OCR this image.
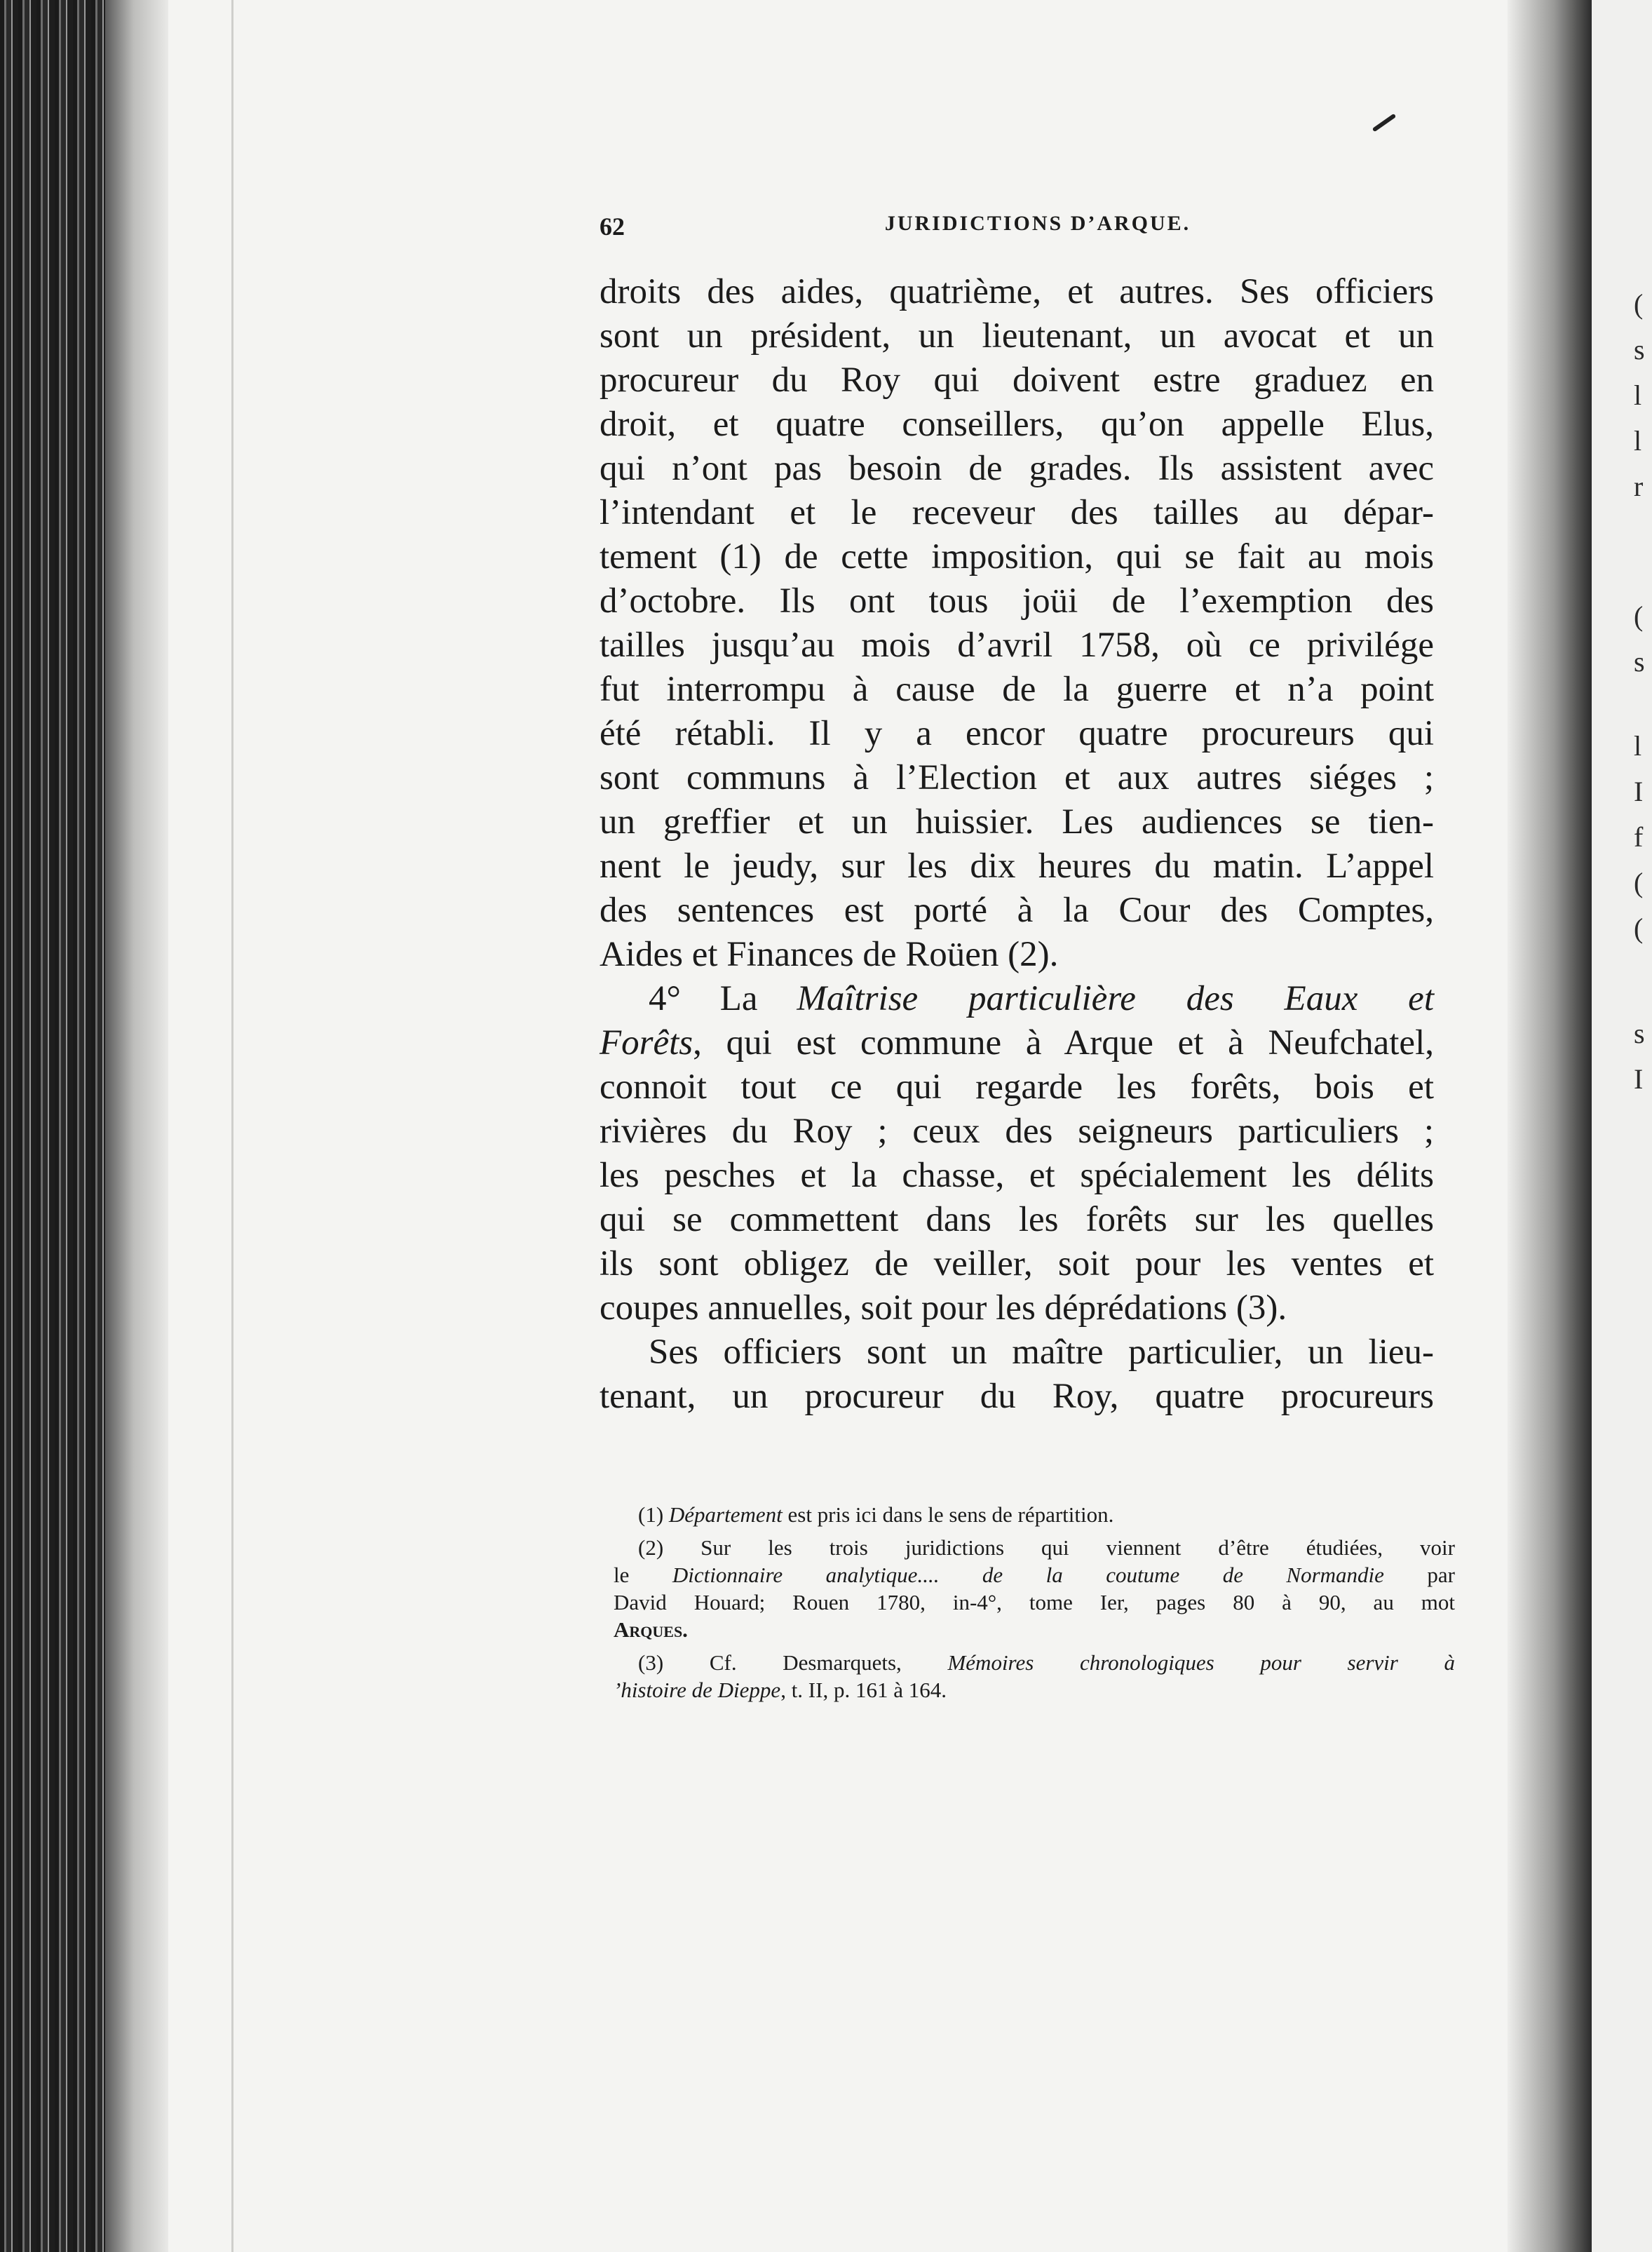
(
s
l
l
r
(
s
l
I
f
(
(
s
I
62	JURIDICTIONS D’ARQUE.
droits des aides, quatrième, et autres. Ses officiers
sont un président, un lieutenant, un avocat et un
procureur du Roy qui doivent estre graduez en
droit, et quatre conseillers, qu’on appelle Elus,
qui n’ont pas besoin de grades. Ils assistent avec
l’intendant et le receveur des tailles au dépar-
tement (1) de cette imposition, qui se fait au mois
d’octobre. Ils ont tous joüi de l’exemption des
tailles jusqu’au mois d’avril 1758, où ce privilége
fut interrompu à cause de la guerre et n’a point
été rétabli. Il y a encor quatre procureurs qui
sont communs à l’Election et aux autres siéges ;
un greffier et un huissier. Les audiences se tien-
nent le jeudy, sur les dix heures du matin. L’appel
des sentences est porté à la Cour des Comptes,
Aides et Finances de Roüen (2).
4° La Maîtrise particulière des Eaux et
Forêts, qui est commune à Arque et à Neufchatel,
connoit tout ce qui regarde les forêts, bois et
rivières du Roy ; ceux des seigneurs particuliers ;
les pesches et la chasse, et spécialement les délits
qui se commettent dans les forêts sur les quelles
ils sont obligez de veiller, soit pour les ventes et
coupes annuelles, soit pour les déprédations (3).
Ses officiers sont un maître particulier, un lieu-
tenant, un procureur du Roy, quatre procureurs
(1) Département est pris ici dans le sens de répartition.
(2) Sur les trois juridictions qui viennent d’être étudiées, voir
le Dictionnaire analytique.... de la coutume de Normandie par
David Houard; Rouen 1780, in-4°, tome Ier, pages 80 à 90, au mot
Arques.
(3) Cf. Desmarquets, Mémoires chronologiques pour servir à
’histoire de Dieppe, t. II, p. 161 à 164.
